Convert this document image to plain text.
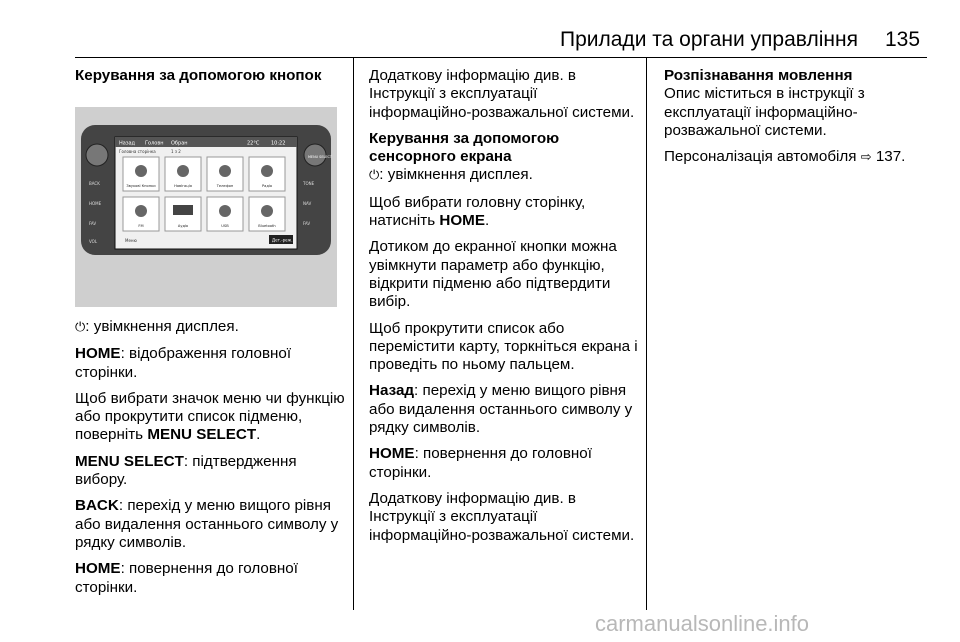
Прилади та органи управління 135
Керування за допомогою кнопок
BACK
HOME
FAV
VOL
TONE
NAV
FAV
Назад Головн Обран	22°C 10:22
Головна сторінка	1 з 2
Звукові Кнопки	Навігація	Телефон	Радіо
FM	Аудіо	USB	Bluetooth
Меню	Дет.-реж.
MENU SELECT

⏻: увімкнення дисплея.

HOME: відображення головної сторінки.

Щоб вибрати значок меню чи функцію або прокрутити список підменю, поверніть MENU SELECT.

MENU SELECT: підтвердження вибору.

BACK: перехід у меню вищого рівня або видалення останнього символу у рядку символів.

HOME: повернення до головної сторінки.

Додаткову інформацію див. в Інструкції з експлуатації інформаційно-розважальної системи.

Керування за допомогою сенсорного екрана

⏻: увімкнення дисплея.

Щоб вибрати головну сторінку, натисніть HOME.

Дотиком до екранної кнопки можна увімкнути параметр або функцію, відкрити підменю або підтвердити вибір.

Щоб прокрутити список або перемістити карту, торкніться екрана і проведіть по ньому пальцем.

Назад: перехід у меню вищого рівня або видалення останнього символу у рядку символів.

HOME: повернення до головної сторінки.

Додаткову інформацію див. в Інструкції з експлуатації інформаційно-розважальної системи.

Розпізнавання мовлення

Опис міститься в інструкції з експлуатації інформаційно-розважальної системи.

Персоналізація автомобіля ⇨ 137.

carmanualsonline.info
